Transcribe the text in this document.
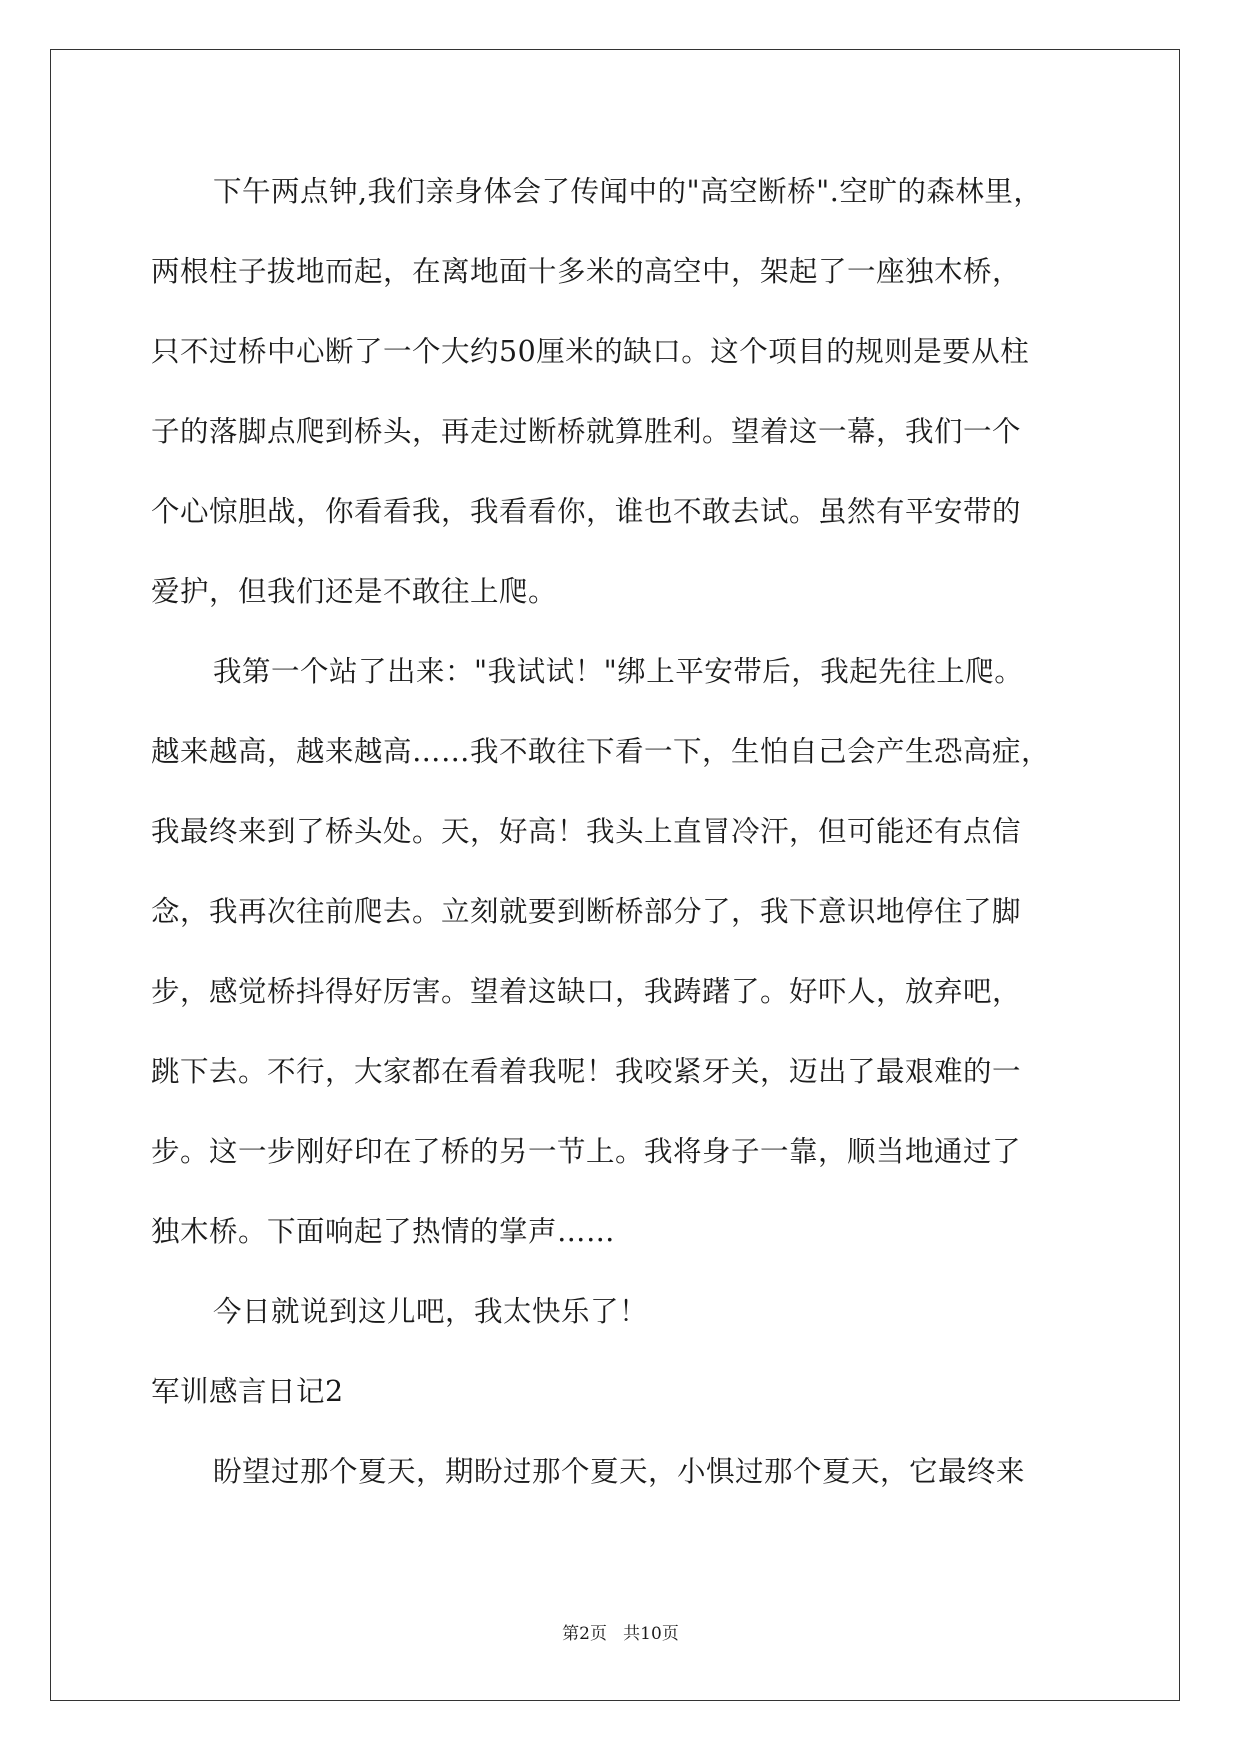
下午两点钟,我们亲身体会了传闻中的"高空断桥".空旷的森林里，
两根柱子拔地而起，在离地面十多米的高空中，架起了一座独木桥，
只不过桥中心断了一个大约50厘米的缺口。这个项目的规则是要从柱
子的落脚点爬到桥头，再走过断桥就算胜利。望着这一幕，我们一个
个心惊胆战，你看看我，我看看你，谁也不敢去试。虽然有平安带的
爱护，但我们还是不敢往上爬。
我第一个站了出来："我试试！"绑上平安带后，我起先往上爬。
越来越高，越来越高……我不敢往下看一下，生怕自己会产生恐高症，
我最终来到了桥头处。天，好高！我头上直冒冷汗，但可能还有点信
念，我再次往前爬去。立刻就要到断桥部分了，我下意识地停住了脚
步，感觉桥抖得好厉害。望着这缺口，我踌躇了。好吓人，放弃吧，
跳下去。不行，大家都在看着我呢！我咬紧牙关，迈出了最艰难的一
步。这一步刚好印在了桥的另一节上。我将身子一靠，顺当地通过了
独木桥。下面响起了热情的掌声……
今日就说到这儿吧，我太快乐了！
军训感言日记2
盼望过那个夏天，期盼过那个夏天，小惧过那个夏天，它最终来
第2页   共10页
